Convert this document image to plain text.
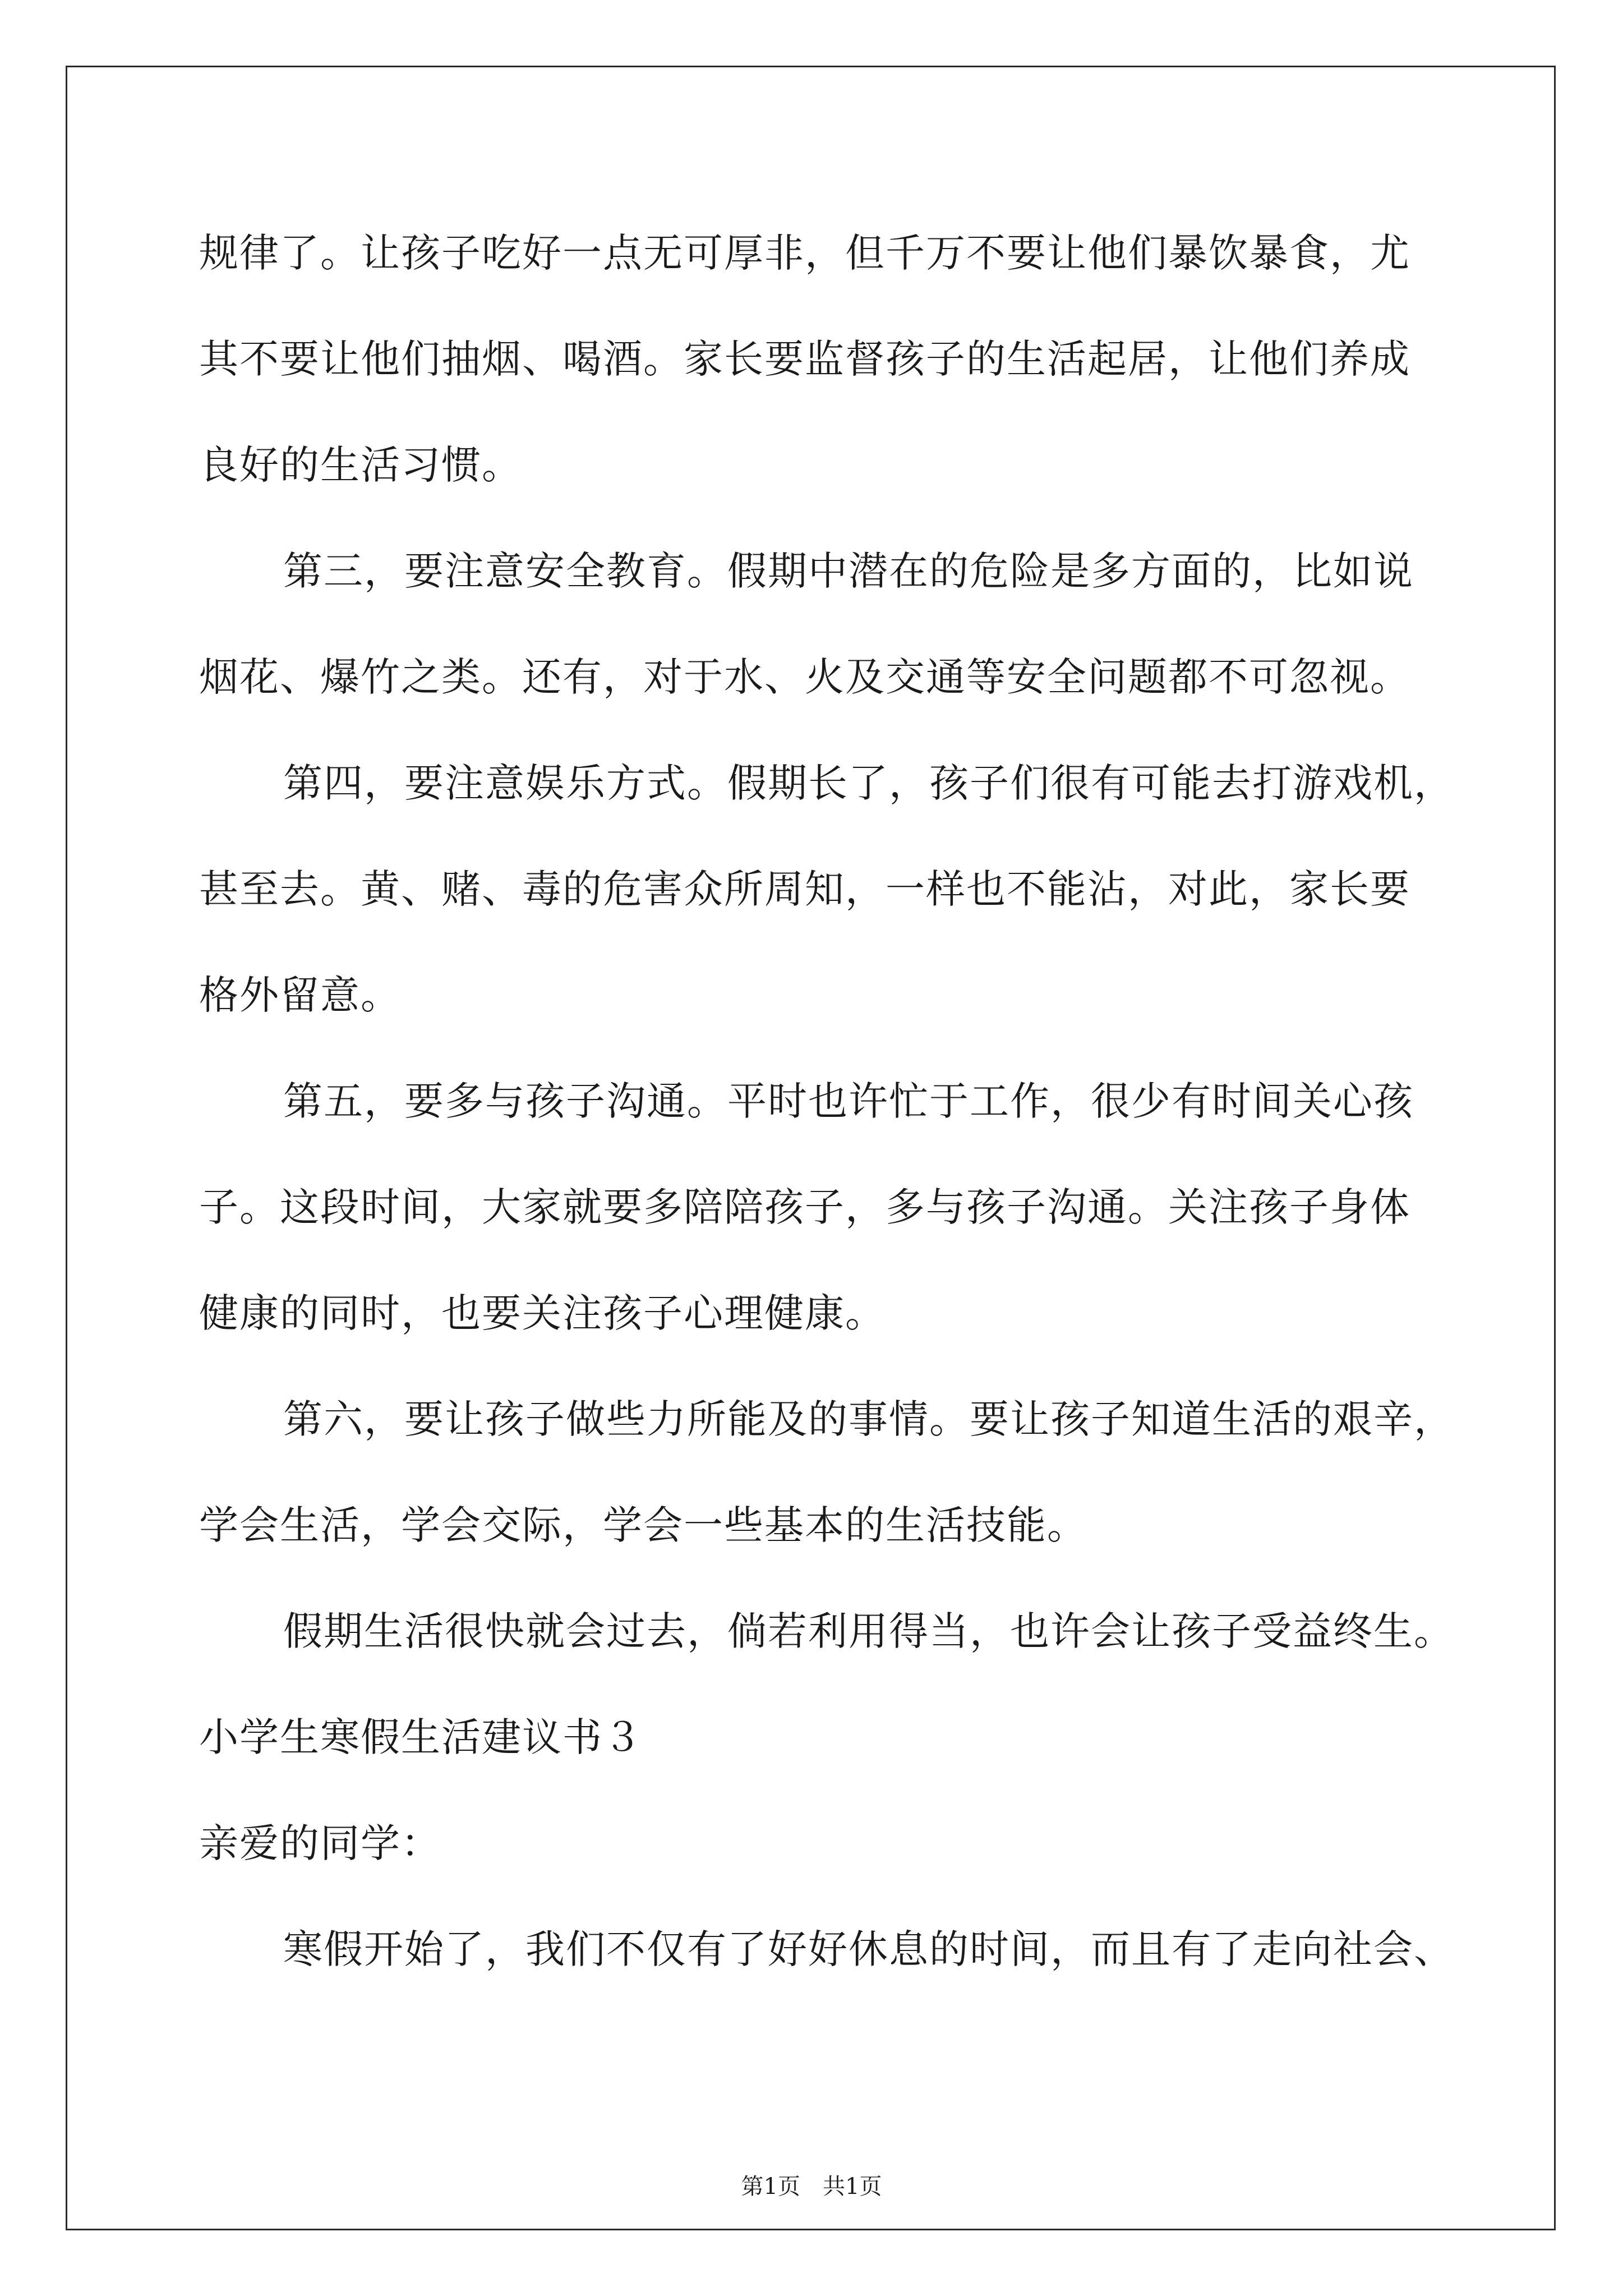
规律了。让孩子吃好一点无可厚非，但千万不要让他们暴饮暴食，尤

其不要让他们抽烟、喝酒。家长要监督孩子的生活起居，让他们养成

良好的生活习惯。

第三，要注意安全教育。假期中潜在的危险是多方面的，比如说

烟花、爆竹之类。还有，对于水、火及交通等安全问题都不可忽视。

第四，要注意娱乐方式。假期长了，孩子们很有可能去打游戏机，

甚至去。黄、赌、毒的危害众所周知，一样也不能沾，对此，家长要

格外留意。

第五，要多与孩子沟通。平时也许忙于工作，很少有时间关心孩

子。这段时间，大家就要多陪陪孩子，多与孩子沟通。关注孩子身体

健康的同时，也要关注孩子心理健康。

第六，要让孩子做些力所能及的事情。要让孩子知道生活的艰辛，

学会生活，学会交际，学会一些基本的生活技能。

假期生活很快就会过去，倘若利用得当，也许会让孩子受益终生。

小学生寒假生活建议书３

亲爱的同学：

寒假开始了，我们不仅有了好好休息的时间，而且有了走向社会、

第1页　共1页
